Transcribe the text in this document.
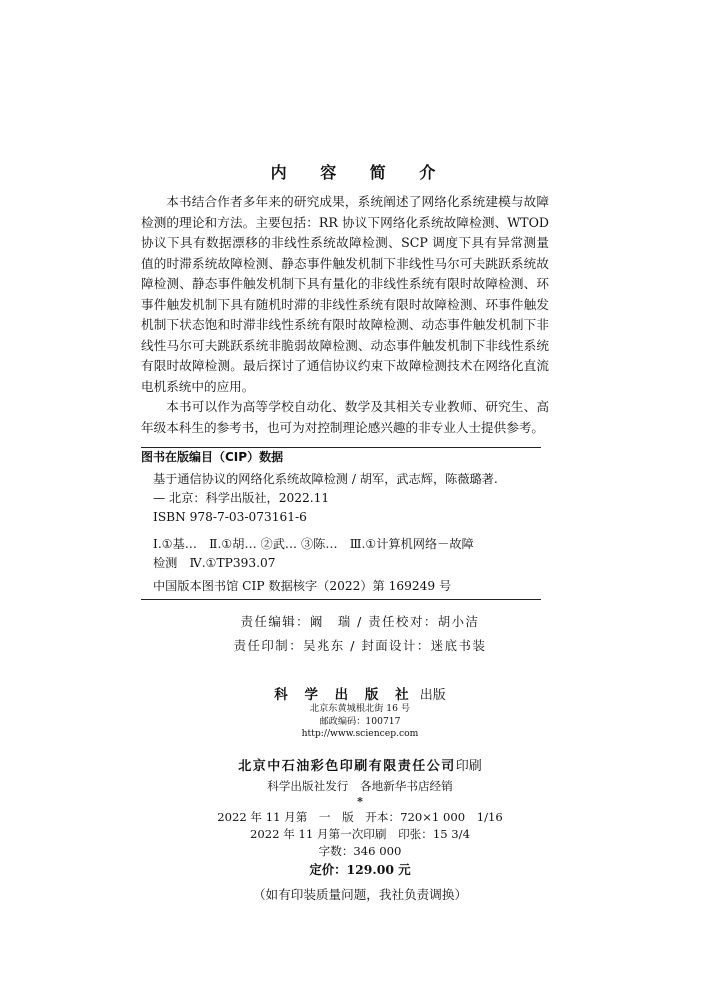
内 容 简 介

本书结合作者多年来的研究成果，系统阐述了网络化系统建模与故障检测的理论和方法。主要包括：RR 协议下网络化系统故障检测、WTOD协议下具有数据漂移的非线性系统故障检测、SCP 调度下具有异常测量值的时滞系统故障检测、静态事件触发机制下非线性马尔可夫跳跃系统故障检测、静态事件触发机制下具有量化的非线性系统有限时故障检测、环事件触发机制下具有随机时滞的非线性系统有限时故障检测、环事件触发机制下状态饱和时滞非线性系统有限时故障检测、动态事件触发机制下非线性马尔可夫跳跃系统非脆弱故障检测、动态事件触发机制下非线性系统有限时故障检测。最后探讨了通信协议约束下故障检测技术在网络化直流电机系统中的应用。

本书可以作为高等学校自动化、数学及其相关专业教师、研究生、高年级本科生的参考书，也可为对控制理论感兴趣的非专业人士提供参考。

图书在版编目（CIP）数据

基于通信协议的网络化系统故障检测 / 胡军，武志辉，陈薇璐著.

— 北京：科学出版社，2022.11

ISBN 978-7-03-073161-6

Ⅰ.①基…　Ⅱ.①胡… ②武… ③陈…　Ⅲ.①计算机网络－故障

检测　Ⅳ.①TP393.07

中国版本图书馆 CIP 数据核字（2022）第 169249 号
责任编辑：阚　瑞 / 责任校对：胡小洁
责任印制：吴兆东 / 封面设计：迷底书装

科 学 出 版 社 出版

北京东黄城根北街 16 号

邮政编码：100717

http://www.sciencep.com

北京中石油彩色印刷有限责任公司印刷

科学出版社发行　各地新华书店经销

*

2022 年 11 月第　一　版　开本：720×1 000　1/16

2022 年 11 月第一次印刷　印张：15 3/4

字数：346 000

定价：129.00 元

（如有印装质量问题，我社负责调换）
